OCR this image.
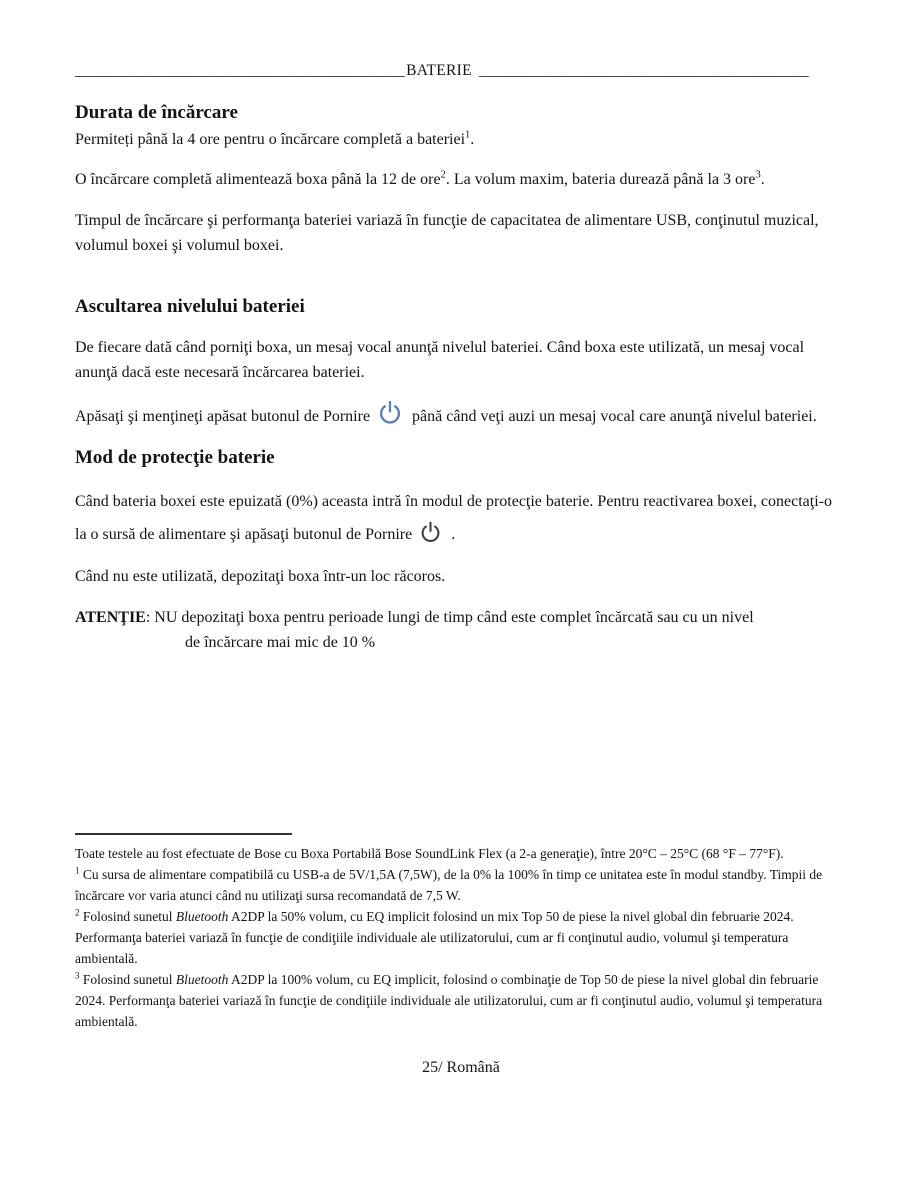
_________________________________________BATERIE _________________________________________
Durata de încărcare

Permiteți până la 4 ore pentru o încărcare completă a bateriei$^1$.

O încărcare completă alimentează boxa până la 12 de ore$^2$. La volum maxim, bateria durează până la 3 ore$^3$.

Timpul de încărcare şi performanţa bateriei variază în funcţie de capacitatea de alimentare USB, conţinutul muzical, volumul boxei şi volumul boxei.

Ascultarea nivelului bateriei

De fiecare dată când porniţi boxa, un mesaj vocal anunţă nivelul bateriei. Când boxa este utilizată, un mesaj vocal anunţă dacă este necesară încărcarea bateriei.

Apăsaţi şi menţineţi apăsat butonul de Pornire	până când veţi auzi un mesaj vocal care anunţă nivelul bateriei.

Mod de protecţie baterie

Când bateria boxei este epuizată (0%) aceasta intră în modul de protecţie baterie. Pentru reactivarea boxei, conectaţi-o la o sursă de alimentare şi apăsaţi butonul de Pornire .

Când nu este utilizată, depozitaţi boxa într-un loc răcoros.

ATENŢIE: NU depozitaţi boxa pentru perioade lungi de timp când este complet încărcată sau cu un nivel
de încărcare mai mic de 10 %

Toate testele au fost efectuate de Bose cu Boxa Portabilă Bose SoundLink Flex (a 2-a generaţie), între 20°C – 25°C (68 °F – 77°F).

$^1$ Cu sursa de alimentare compatibilă cu USB-a de 5V/1,5A (7,5W), de la 0% la 100% în timp ce unitatea este în modul standby. Timpii de încărcare vor varia atunci când nu utilizaţi sursa recomandată de 7,5 W.

$^2$ Folosind sunetul Bluetooth A2DP la 50% volum, cu EQ implicit folosind un mix Top 50 de piese la nivel global din februarie 2024. Performanţa bateriei variază în funcţie de condiţiile individuale ale utilizatorului, cum ar fi conţinutul audio, volumul şi temperatura ambientală.

$^3$ Folosind sunetul Bluetooth A2DP la 100% volum, cu EQ implicit, folosind o combinaţie de Top 50 de piese la nivel global din februarie 2024. Performanţa bateriei variază în funcţie de condiţiile individuale ale utilizatorului, cum ar fi conţinutul audio, volumul şi temperatura ambientală.

25/ Română
